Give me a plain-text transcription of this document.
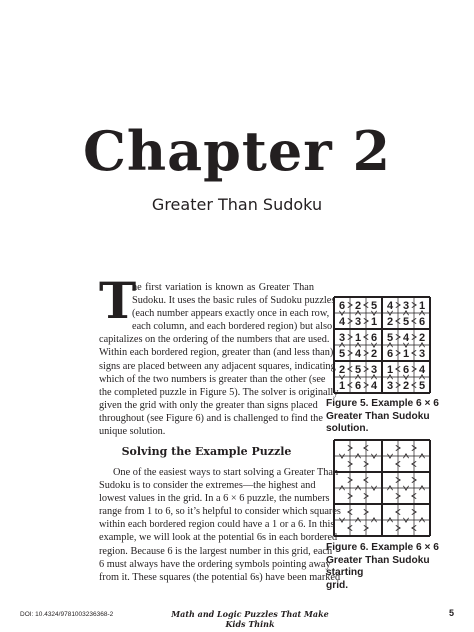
Chapter 2
Greater Than Sudoku
T
he first variation is known as Greater Than
Sudoku. It uses the basic rules of Sudoku puzzles
(each number appears exactly once in each row,
each column, and each bordered region) but also
capitalizes on the ordering of the numbers that are used.
Within each bordered region, greater than (and less than)
signs are placed between any adjacent squares, indicating
which of the two numbers is greater than the other (see
the completed puzzle in Figure 5). The solver is originally
given the grid with only the greater than signs placed
throughout (see Figure 6) and is challenged to find the
unique solution.
Solving the Example Puzzle
One of the easiest ways to start solving a Greater Than
Sudoku is to consider the extremes—the highest and
lowest values in the grid. In a 6 × 6 puzzle, the numbers
range from 1 to 6, so it’s helpful to consider which squares
within each bordered region could have a 1 or a 6. In this
example, we will look at the potential 6s in each bordered
region. Because 6 is the largest number in this grid, each
6 must always have the ordering symbols pointing away
from it. These squares (the potential 6s) have been marked
6 2 5 4 3 1
4 3 1 2 5 6
3 1 6 5 4 2
5 4 2 6 1 3
2 5 3 1 6 4
1 6 4 3 2 5
Figure 5. Example 6 × 6
Greater Than Sudoku solution.
Figure 6. Example 6 × 6
Greater Than Sudoku starting
grid.
DOI: 10.4324/9781003236368-2	Math and Logic Puzzles That Make Kids Think
5
